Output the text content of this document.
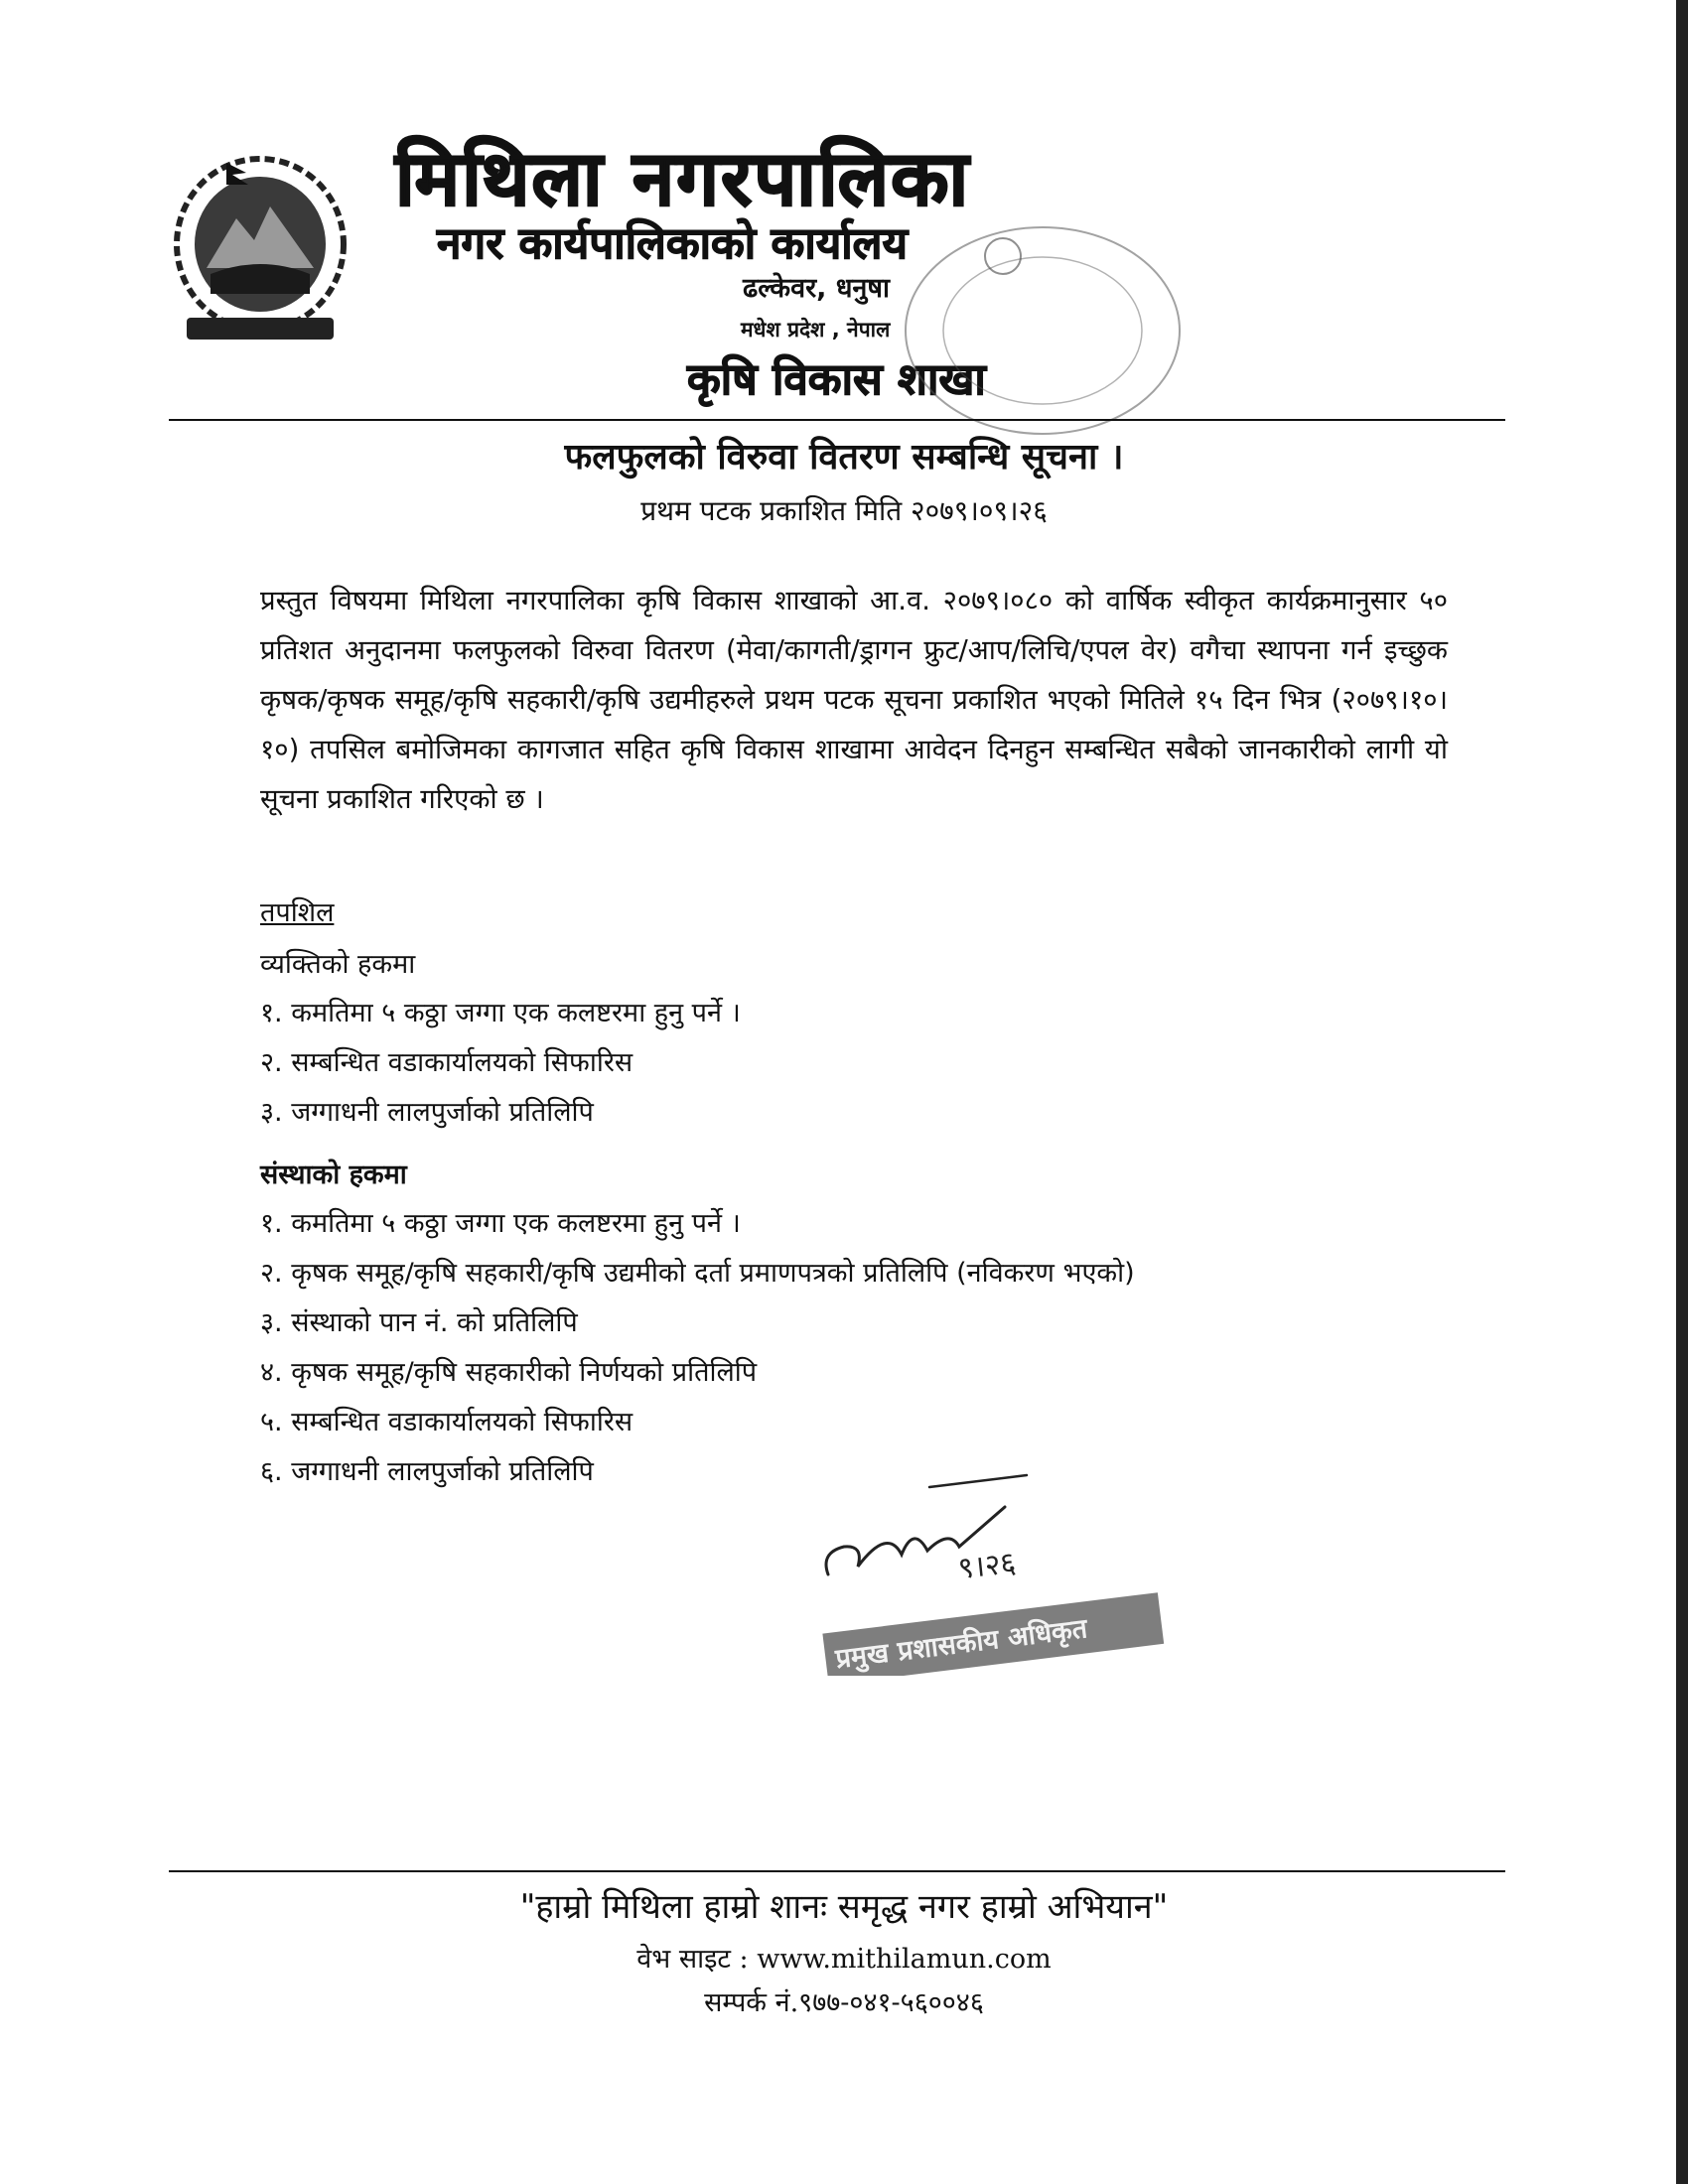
मिथिला नगरपालिका
नगर कार्यपालिकाको कार्यालय
ढल्केवर, धनुषा
मधेश प्रदेश , नेपाल
कृषि विकास शाखा
फलफुलको विरुवा वितरण सम्बन्धि सूचना ।
प्रथम पटक प्रकाशित मिति २०७९।०९।२६

प्रस्तुत विषयमा मिथिला नगरपालिका कृषि विकास शाखाको आ.व. २०७९।०८० को वार्षिक स्वीकृत कार्यक्रमानुसार ५० प्रतिशत अनुदानमा फलफुलको विरुवा वितरण (मेवा/कागती/ड्रागन फ्रुट/आप/लिचि/एपल वेर) वगैचा स्थापना गर्न इच्छुक कृषक/कृषक समूह/कृषि सहकारी/कृषि उद्यमीहरुले प्रथम पटक सूचना प्रकाशित भएको मितिले १५ दिन भित्र (२०७९।१०।१०) तपसिल बमोजिमका कागजात सहित कृषि विकास शाखामा आवेदन दिनहुन सम्बन्धित सबैको जानकारीको लागी यो सूचना प्रकाशित गरिएको छ ।

तपशिल

व्यक्तिको हकमा

१. कमतिमा ५ कठ्ठा जग्गा एक कलष्टरमा हुनु पर्ने ।
२. सम्बन्धित वडाकार्यालयको सिफारिस
३. जग्गाधनी लालपुर्जाको प्रतिलिपि

संस्थाको हकमा

१. कमतिमा ५ कठ्ठा जग्गा एक कलष्टरमा हुनु पर्ने ।
२. कृषक समूह/कृषि सहकारी/कृषि उद्यमीको दर्ता प्रमाणपत्रको प्रतिलिपि (नविकरण भएको)
३. संस्थाको पान नं. को प्रतिलिपि
४. कृषक समूह/कृषि सहकारीको निर्णयको प्रतिलिपि
५. सम्बन्धित वडाकार्यालयको सिफारिस
६. जग्गाधनी लालपुर्जाको प्रतिलिपि
९।२६
प्रमुख प्रशासकीय अधिकृत
"हाम्रो मिथिला हाम्रो शानः समृद्ध नगर हाम्रो अभियान"
वेभ साइट : www.mithilamun.com
सम्पर्क नं.९७७-०४१-५६००४६
